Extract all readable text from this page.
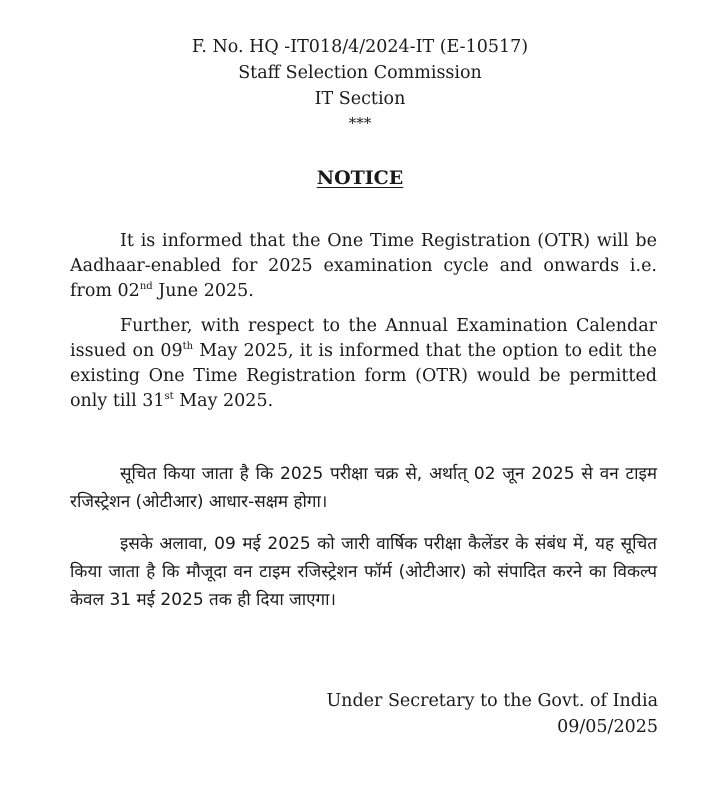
F. No. HQ -IT018/4/2024-IT (E-10517)
Staff Selection Commission
IT Section
***
NOTICE

It is informed that the One Time Registration (OTR) will be Aadhaar-enabled for 2025 examination cycle and onwards i.e. from 02nd June 2025.

Further, with respect to the Annual Examination Calendar issued on 09th May 2025, it is informed that the option to edit the existing One Time Registration form (OTR) would be permitted only till 31st May 2025.

सूचित किया जाता है कि 2025 परीक्षा चक्र से, अर्थात् 02 जून 2025 से वन टाइम रजिस्ट्रेशन (ओटीआर) आधार-सक्षम होगा।

इसके अलावा, 09 मई 2025 को जारी वार्षिक परीक्षा कैलेंडर के संबंध में, यह सूचित किया जाता है कि मौजूदा वन टाइम रजिस्ट्रेशन फॉर्म (ओटीआर) को संपादित करने का विकल्प केवल 31 मई 2025 तक ही दिया जाएगा।

Under Secretary to the Govt. of India
09/05/2025
